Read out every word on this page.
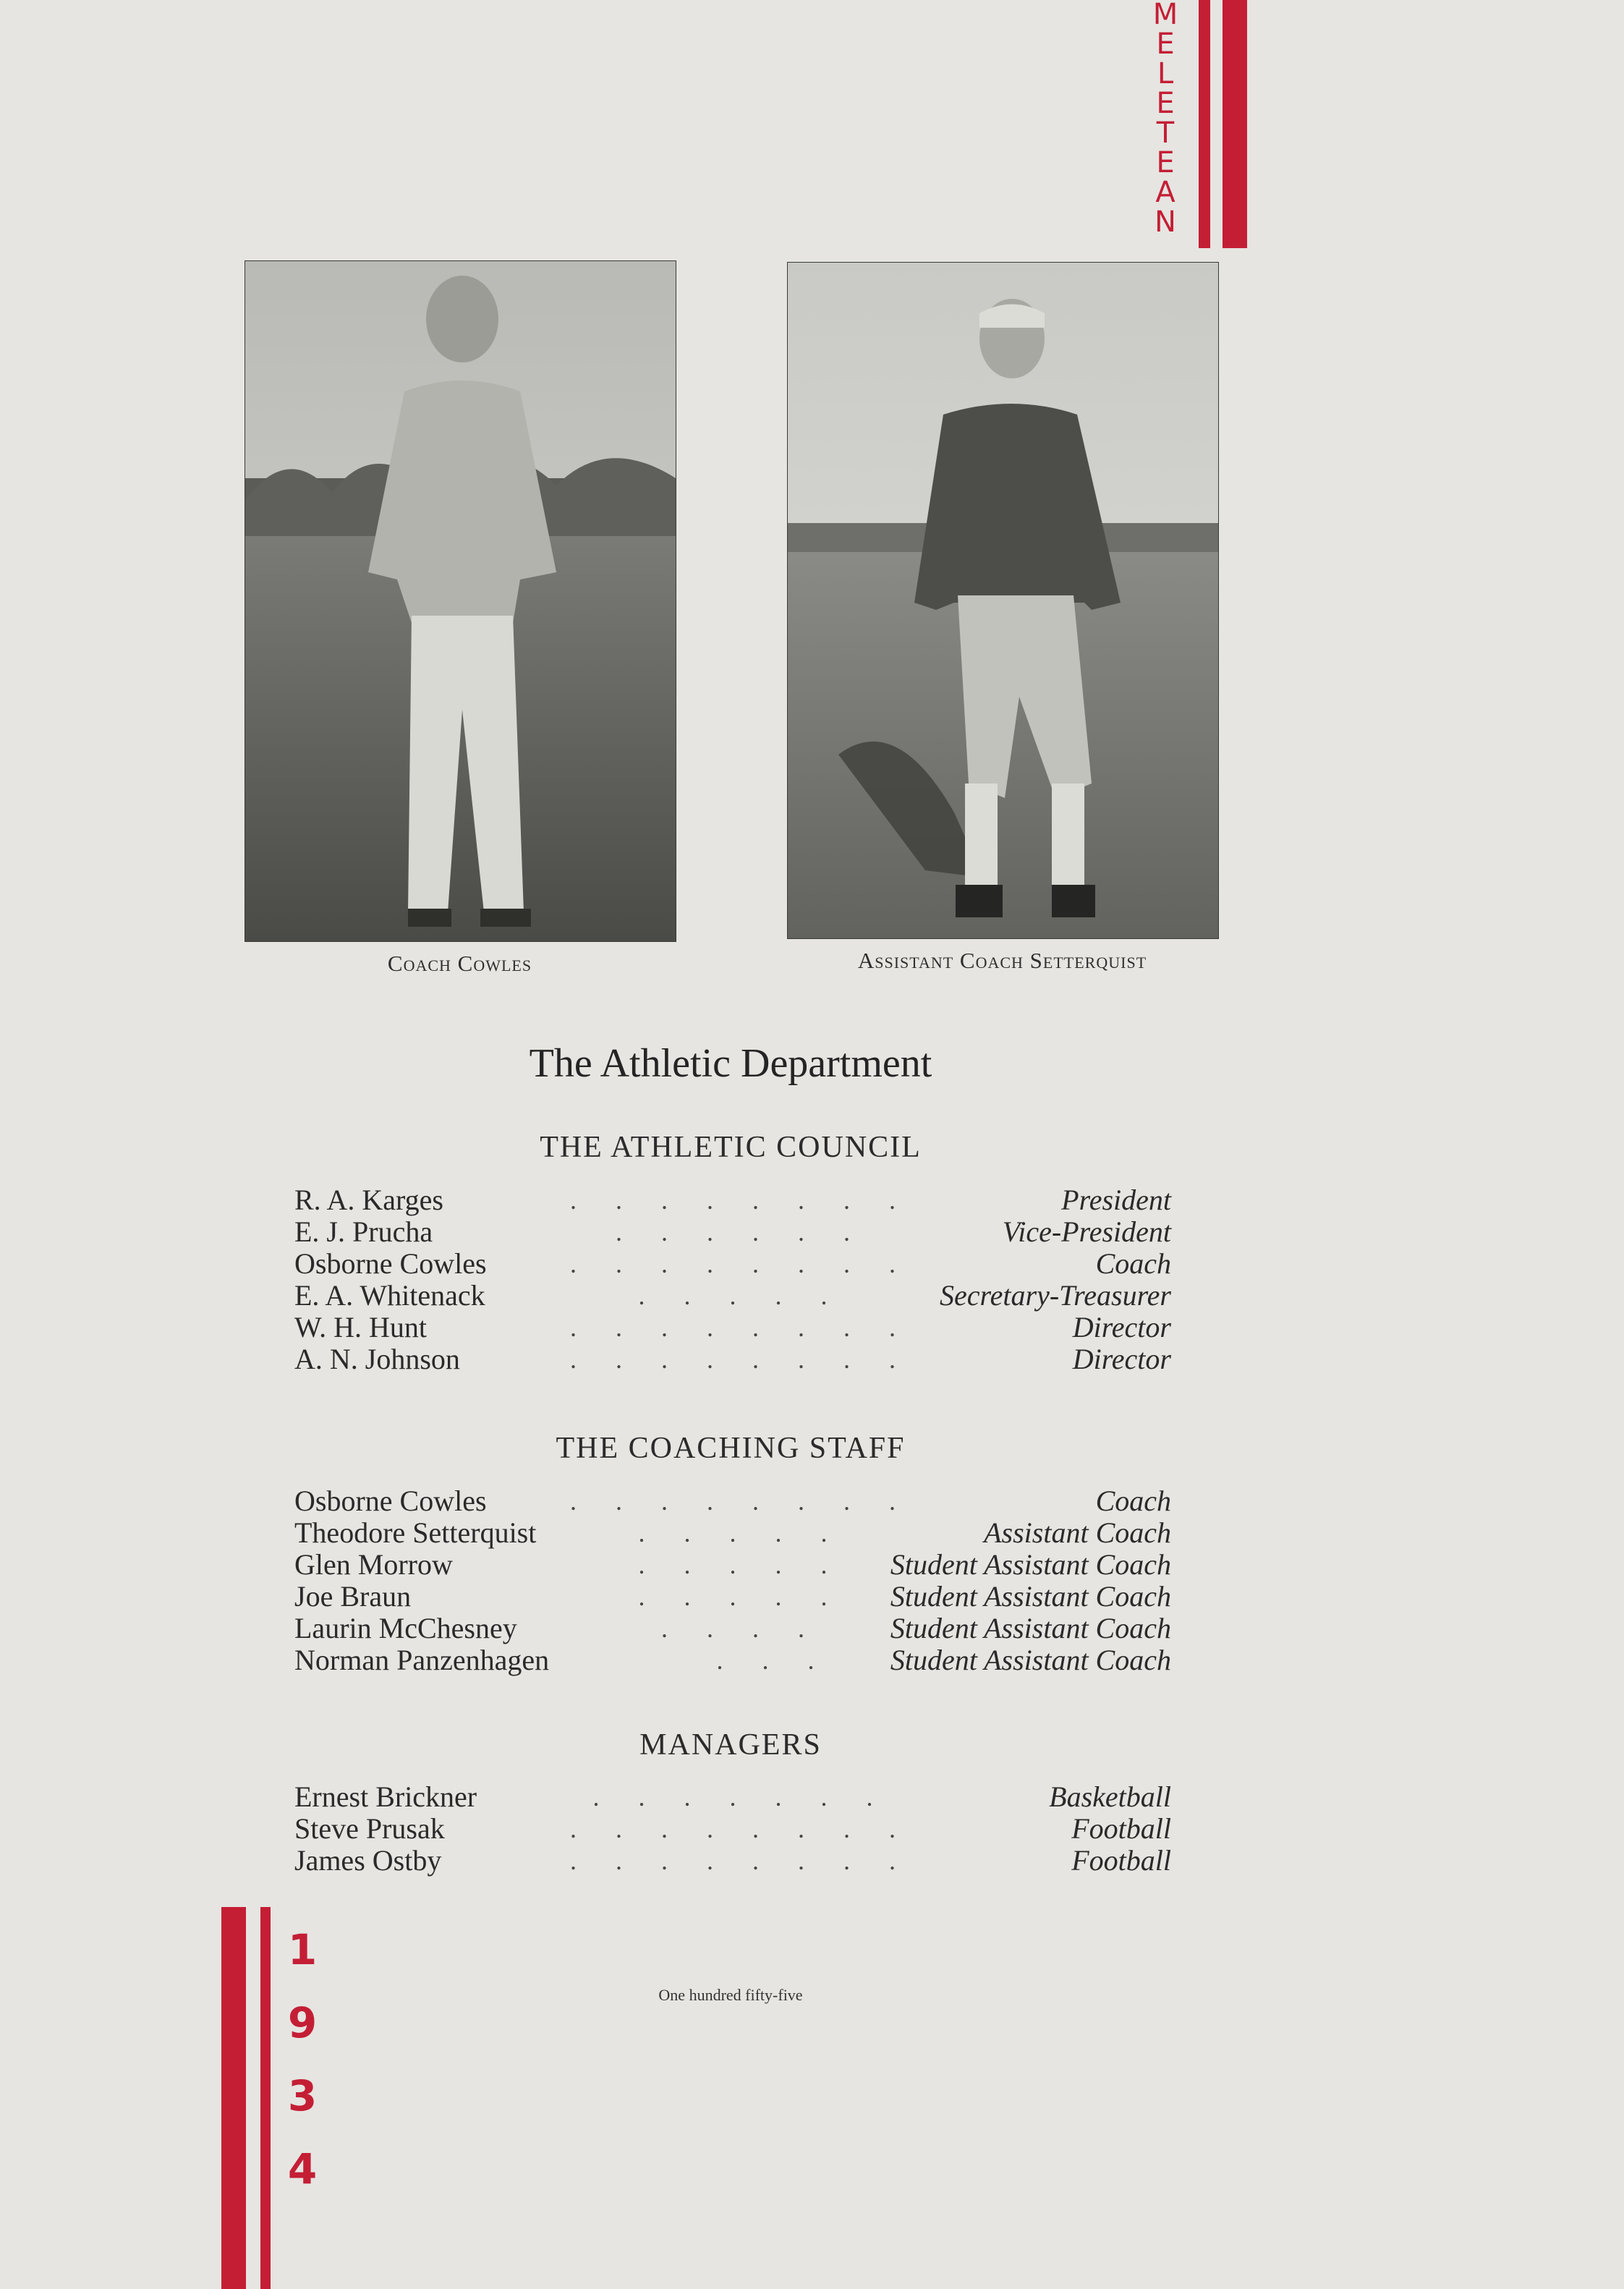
M
E
L
E
T
E
A
N
Coach Cowles	Assistant Coach Setterquist
The Athletic Department
THE ATHLETIC COUNCIL
R. A. Karges	.      .      .      .      .      .      .      .	President
E. J. Prucha	.      .      .      .      .      .	Vice-President
Osborne Cowles	.      .      .      .      .      .      .      .	Coach
E. A. Whitenack	.      .      .      .      .	Secretary-Treasurer
W. H. Hunt	.      .      .      .      .      .      .      .	Director
A. N. Johnson	.      .      .      .      .      .      .      .	Director
THE COACHING STAFF
Osborne Cowles	.      .      .      .      .      .      .      .	Coach
Theodore Setterquist	.      .      .      .      .	Assistant Coach
Glen Morrow	.      .      .      .      .	Student Assistant Coach
Joe Braun	.      .      .      .      .	Student Assistant Coach
Laurin McChesney	.      .      .      .	Student Assistant Coach
Norman Panzenhagen	.      .      .	Student Assistant Coach
MANAGERS
Ernest Brickner	.      .      .      .      .      .      .	Basketball
Steve Prusak	.      .      .      .      .      .      .      .	Football
James Ostby	.      .      .      .      .      .      .      .	Football
One hundred fifty-five
1
9
3
4
